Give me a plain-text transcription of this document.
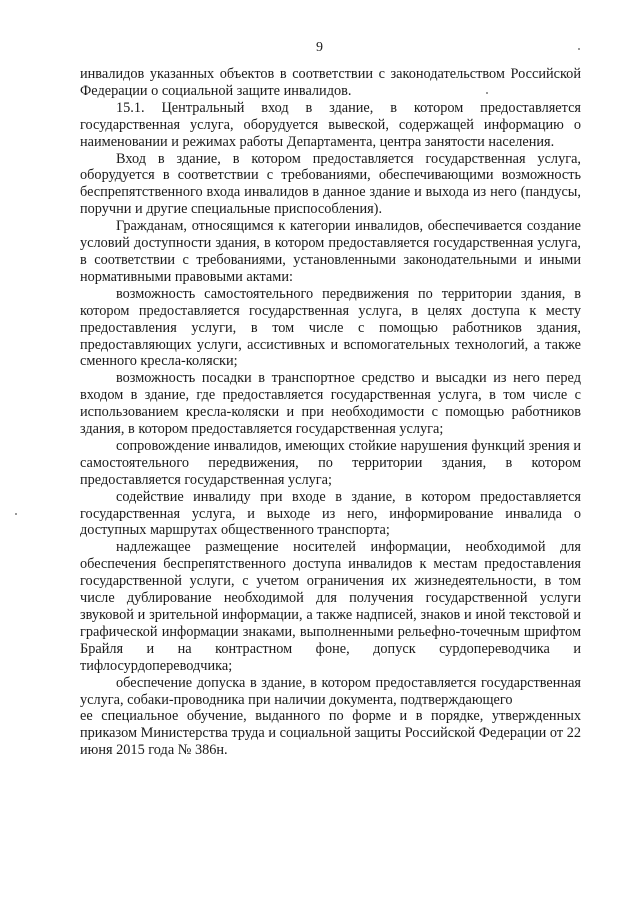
9

инвалидов указанных объектов в соответствии с законодательством Российской Федерации о социальной защите инвалидов.

15.1. Центральный вход в здание, в котором предоставляется государственная услуга, оборудуется вывеской, содержащей информацию о наименовании и режимах работы Департамента, центра занятости населения.

Вход в здание, в котором предоставляется государственная услуга, оборудуется в соответствии с требованиями, обеспечивающими возможность беспрепятственного входа инвалидов в данное здание и выхода из него (пандусы, поручни и другие специальные приспособления).

Гражданам, относящимся к категории инвалидов, обеспечивается создание условий доступности здания, в котором предоставляется государственная услуга, в соответствии с требованиями, установленными законодательными и иными нормативными правовыми актами:

возможность самостоятельного передвижения по территории здания, в котором предоставляется государственная услуга, в целях доступа к месту предоставления услуги, в том числе с помощью работников здания, предоставляющих услуги, ассистивных и вспомогательных технологий, а также сменного кресла-коляски;

возможность посадки в транспортное средство и высадки из него перед входом в здание, где предоставляется государственная услуга, в том числе с использованием кресла-коляски и при необходимости с помощью работников здания, в котором предоставляется государственная услуга;

сопровождение инвалидов, имеющих стойкие нарушения функций зрения и самостоятельного передвижения, по территории здания, в котором предоставляется государственная услуга;

содействие инвалиду при входе в здание, в котором предоставляется государственная услуга, и выходе из него, информирование инвалида о доступных маршрутах общественного транспорта;

надлежащее размещение носителей информации, необходимой для обеспечения беспрепятственного доступа инвалидов к местам предоставления государственной услуги, с учетом ограничения их жизнедеятельности, в том числе дублирование необходимой для получения государственной услуги звуковой и зрительной информации, а также надписей, знаков и иной текстовой и графической информации знаками, выполненными рельефно-точечным шрифтом Брайля и на контрастном фоне, допуск сурдопереводчика и тифлосурдопереводчика;

обеспечение допуска в здание, в котором предоставляется государственная услуга, собаки-проводника при наличии документа, подтверждающего

ее специальное обучение, выданного по форме и в порядке, утвержденных приказом Министерства труда и социальной защиты Российской Федерации от 22 июня 2015 года № 386н.
